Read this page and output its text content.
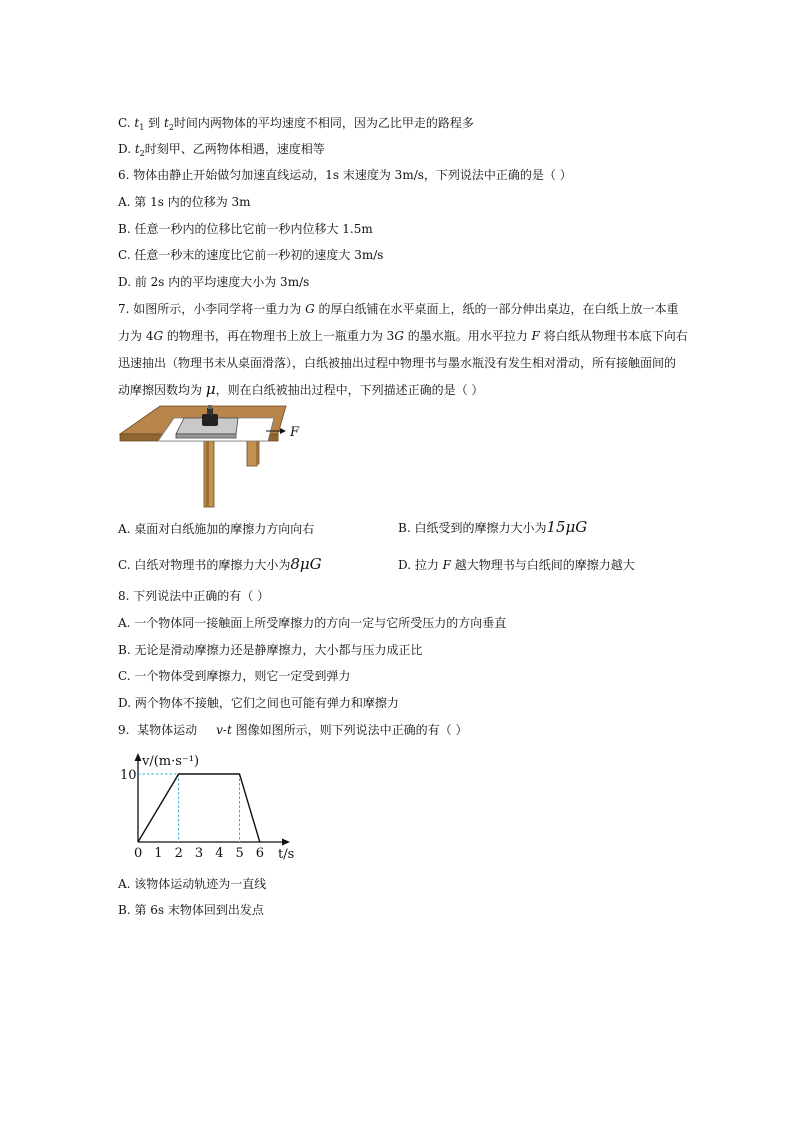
C. $t_1$ 到 $t_2$时间内两物体的平均速度不相同，因为乙比甲走的路程多
D. $t_2$时刻甲、乙两物体相遇，速度相等
6. 物体由静止开始做匀加速直线运动，1s 末速度为 3m/s，下列说法中正确的是（ ）
A. 第 1s 内的位移为 3m
B. 任意一秒内的位移比它前一秒内位移大 1.5m
C. 任意一秒末的速度比它前一秒初的速度大 3m/s
D. 前 2s 内的平均速度大小为 3m/s
7. 如图所示，小李同学将一重力为 G 的厚白纸铺在水平桌面上，纸的一部分伸出桌边，在白纸上放一本重
力为 4G 的物理书，再在物理书上放上一瓶重力为 3G 的墨水瓶。用水平拉力 F 将白纸从物理书本底下向右
迅速抽出（物理书未从桌面滑落），白纸被抽出过程中物理书与墨水瓶没有发生相对滑动，所有接触面间的
动摩擦因数均为 μ，则在白纸被抽出过程中，下列描述正确的是（ ）
F
A. 桌面对白纸施加的摩擦力方向向右	B. 白纸受到的摩擦力大小为15μG
C. 白纸对物理书的摩擦力大小为8μG	D. 拉力 F 越大物理书与白纸间的摩擦力越大
8. 下列说法中正确的有（ ）
A. 一个物体同一接触面上所受摩擦力的方向一定与它所受压力的方向垂直
B. 无论是滑动摩擦力还是静摩擦力，大小都与压力成正比
C. 一个物体受到摩擦力，则它一定受到弹力
D. 两个物体不接触，它们之间也可能有弹力和摩擦力
9.  某物体运动     v-t 图像如图所示，则下列说法中正确的有（ ）
v/(m·s⁻¹)
t/s
0 1 2 3 4 5 6
10
A. 该物体运动轨迹为一直线
B. 第 6s 末物体回到出发点
